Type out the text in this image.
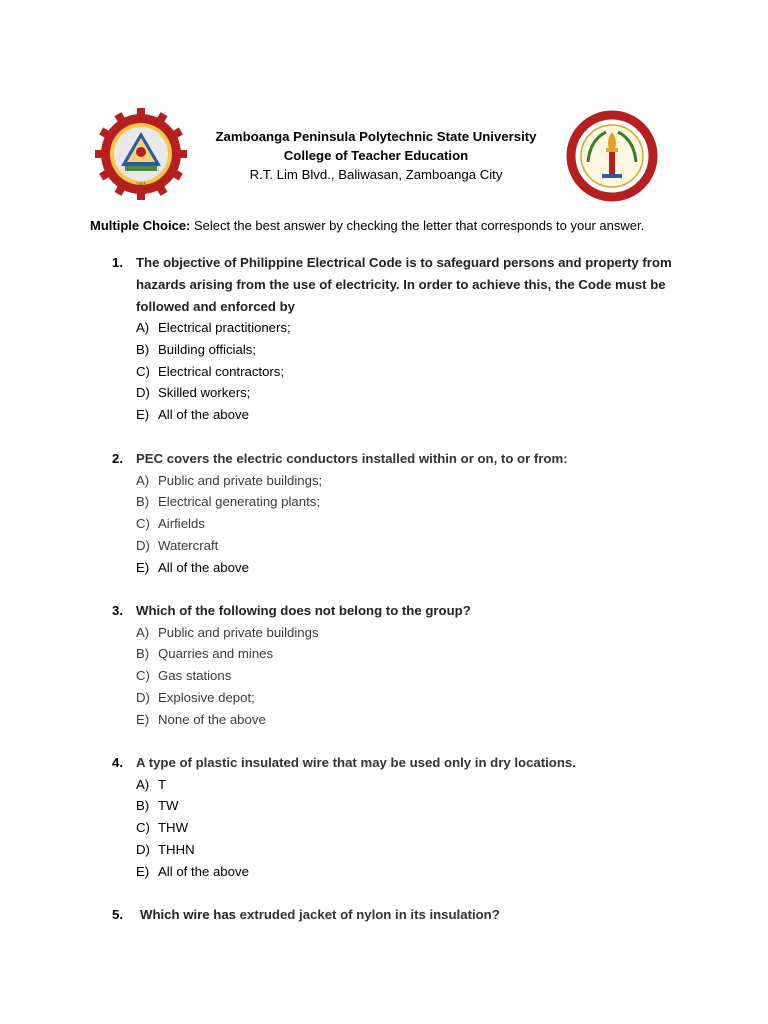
1905
Zamboanga Peninsula Polytechnic State University
College of Teacher Education
R.T. Lim Blvd., Baliwasan, Zamboanga City
1968
Multiple Choice: Select the best answer by checking the letter that corresponds to your answer.
1. The objective of Philippine Electrical Code is to safeguard persons and property from
hazards arising from the use of electricity. In order to achieve this, the Code must be
followed and enforced by
A) Electrical practitioners;
B) Building officials;
C) Electrical contractors;
D) Skilled workers;
E) All of the above
2. PEC covers the electric conductors installed within or on, to or from:
A) Public and private buildings;
B) Electrical generating plants;
C) Airfields
D) Watercraft
E) All of the above
3. Which of the following does not belong to the group?
A) Public and private buildings
B) Quarries and mines
C) Gas stations
D) Explosive depot;
E) None of the above
4. A type of plastic insulated wire that may be used only in dry locations.
A) T
B) TW
C) THW
D) THHN
E) All of the above
5. Which wire has extruded jacket of nylon in its insulation?
